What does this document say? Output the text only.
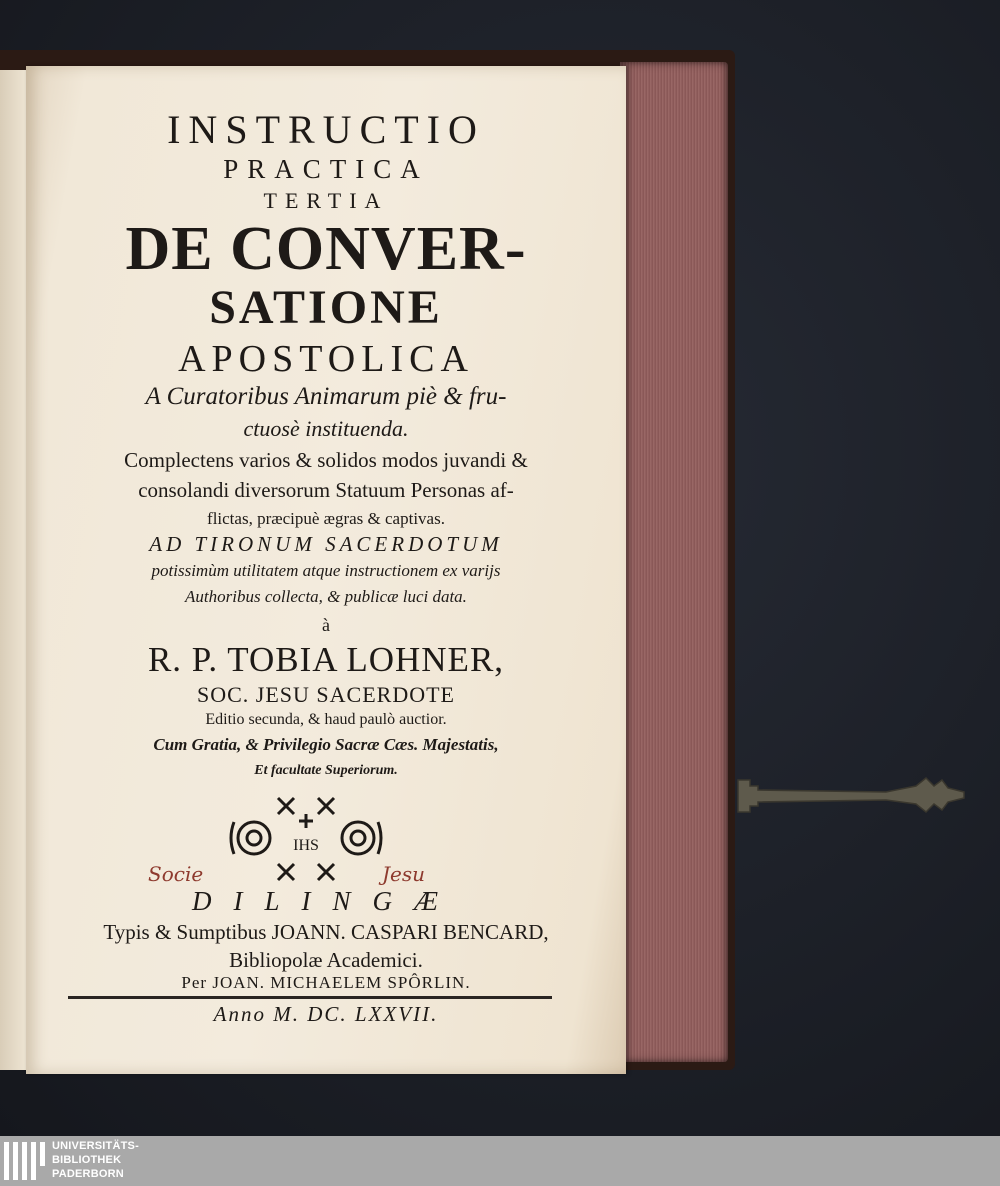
INSTRUCTIO
PRACTICA
TERTIA
DE CONVER-
SATIONE
APOSTOLICA
A Curatoribus Animarum piè & fru-
ctuosè instituenda.
Complectens varios & solidos modos juvandi &
consolandi diversorum Statuum Personas af-
flictas, præcipuè ægras & captivas.
AD TIRONUM SACERDOTUM
potissimùm utilitatem atque instructionem ex varijs
Authoribus collecta, & publicæ luci data.
à
R. P. TOBIA LOHNER,
SOC. JESU SACERDOTE
Editio secunda, & haud paulò auctior.
Cum Gratia, & Privilegio Sacræ Cæs. Majestatis,
Et facultate Superiorum.
IHS
Socie	Jesu
DILINGÆ
Typis & Sumptibus JOANN. CASPARI BENCARD,
Bibliopolæ Academici.
Per JOAN. MICHAELEM SPÔRLIN.
Anno M. DC. LXXVII.
UNIVERSITÄTS-
BIBLIOTHEK
PADERBORN
